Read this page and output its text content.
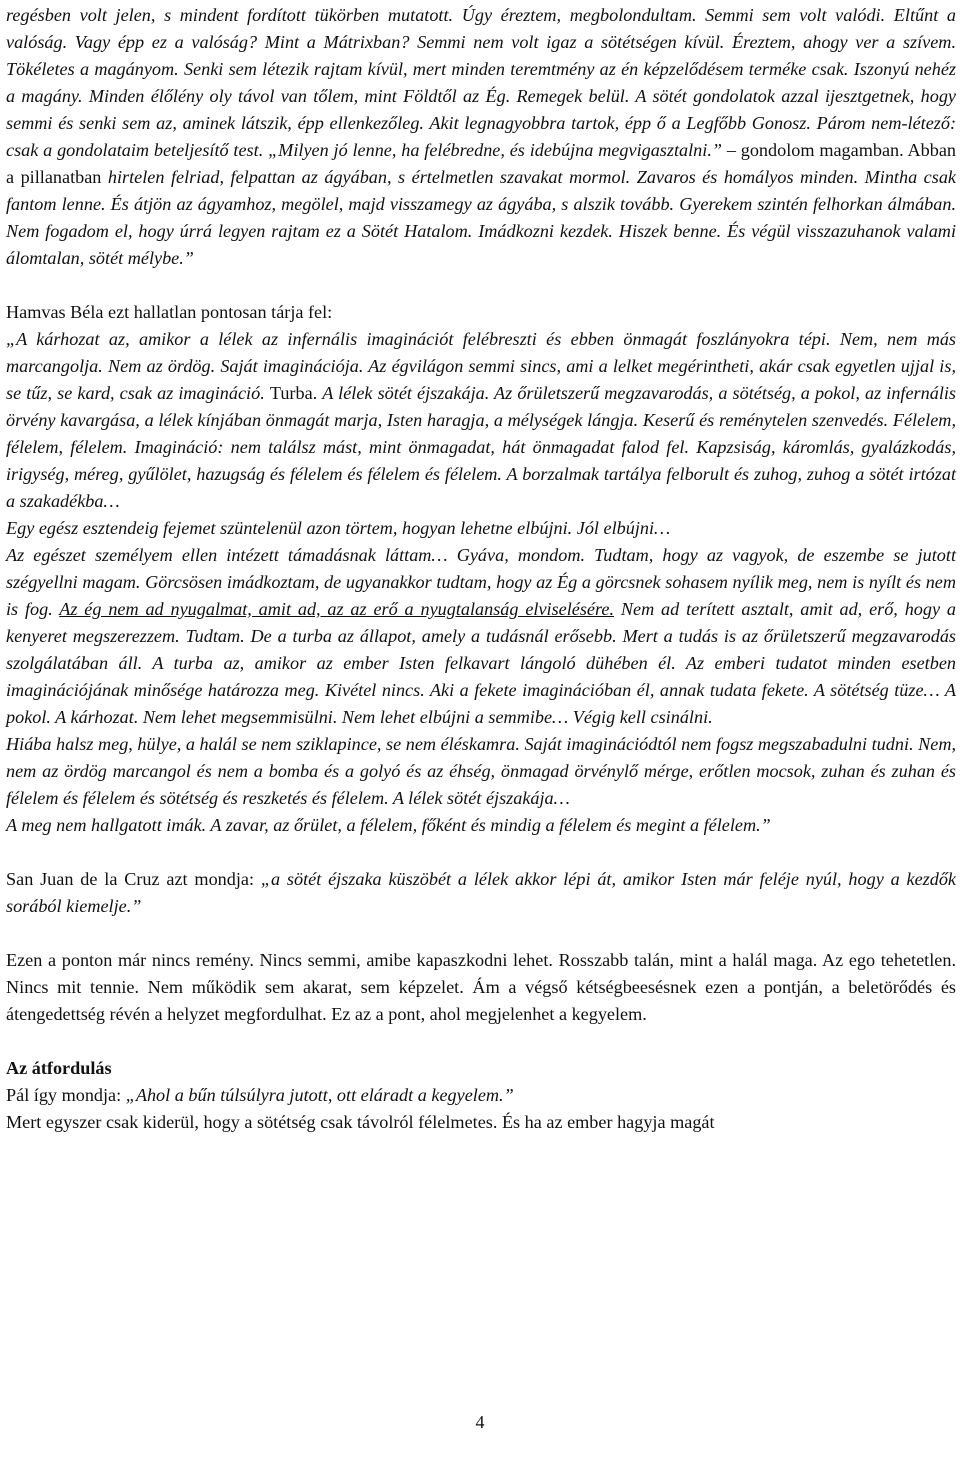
regésben volt jelen, s mindent fordított tükörben mutatott. Úgy éreztem, megbolondultam. Semmi sem volt valódi. Eltűnt a valóság. Vagy épp ez a valóság? Mint a Mátrixban? Semmi nem volt igaz a sötétségen kívül. Éreztem, ahogy ver a szívem. Tökéletes a magányom. Senki sem létezik rajtam kívül, mert minden teremtmény az én képzelődésem terméke csak. Iszonyú nehéz a magány. Minden élőlény oly távol van tőlem, mint Földtől az Ég. Remegek belül. A sötét gondolatok azzal ijesztgetnek, hogy semmi és senki sem az, aminek látszik, épp ellenkezőleg. Akit legnagyobbra tartok, épp ő a Legfőbb Gonosz. Párom nem-létező: csak a gondolataim beteljesítő test. „Milyen jó lenne, ha felébredne, és idebújna megvigasztalni.” – gondolom magamban. Abban a pillanatban hirtelen felriad, felpattan az ágyában, s értelmetlen szavakat mormol. Zavaros és homályos minden. Mintha csak fantom lenne. És átjön az ágyamhoz, megölel, majd visszamegy az ágyába, s alszik tovább. Gyerekem szintén felhorkan álmában. Nem fogadom el, hogy úrrá legyen rajtam ez a Sötét Hatalom. Imádkozni kezdek. Hiszek benne. És végül visszazuhanok valami álomtalan, sötét mélybe.”

Hamvas Béla ezt hallatlan pontosan tárja fel:

„A kárhozat az, amikor a lélek az infernális imaginációt felébreszti és ebben önmagát foszlányokra tépi. Nem, nem más marcangolja. Nem az ördög. Saját imaginációja. Az égvilágon semmi sincs, ami a lelket megérintheti, akár csak egyetlen ujjal is, se tűz, se kard, csak az imagináció. Turba. A lélek sötét éjszakája. Az őrületszerű megzavarodás, a sötétség, a pokol, az infernális örvény kavargása, a lélek kínjában önmagát marja, Isten haragja, a mélységek lángja. Keserű és reménytelen szenvedés. Félelem, félelem, félelem. Imagináció: nem találsz mást, mint önmagadat, hát önmagadat falod fel. Kapzsiság, káromlás, gyalázkodás, irigység, méreg, gyűlölet, hazugság és félelem és félelem és félelem. A borzalmak tartálya felborult és zuhog, zuhog a sötét irtózat a szakadékba…

Egy egész esztendeig fejemet szüntelenül azon törtem, hogyan lehetne elbújni. Jól elbújni…

Az egészet személyem ellen intézett támadásnak láttam… Gyáva, mondom. Tudtam, hogy az vagyok, de eszembe se jutott szégyellni magam. Görcsösen imádkoztam, de ugyanakkor tudtam, hogy az Ég a görcsnek sohasem nyílik meg, nem is nyílt és nem is fog. Az ég nem ad nyugalmat, amit ad, az az erő a nyugtalanság elviselésére. Nem ad terített asztalt, amit ad, erő, hogy a kenyeret megszerezzem. Tudtam. De a turba az állapot, amely a tudásnál erősebb. Mert a tudás is az őrületszerű megzavarodás szolgálatában áll. A turba az, amikor az ember Isten felkavart lángoló dühében él. Az emberi tudatot minden esetben imaginációjának minősége határozza meg. Kivétel nincs. Aki a fekete imaginációban él, annak tudata fekete. A sötétség tüze… A pokol. A kárhozat. Nem lehet megsemmisülni. Nem lehet elbújni a semmibe… Végig kell csinálni.

Hiába halsz meg, hülye, a halál se nem sziklapince, se nem éléskamra. Saját imaginációdtól nem fogsz megszabadulni tudni. Nem, nem az ördög marcangol és nem a bomba és a golyó és az éhség, önmagad örvénylő mérge, erőtlen mocsok, zuhan és zuhan és félelem és félelem és sötétség és reszketés és félelem. A lélek sötét éjszakája…

A meg nem hallgatott imák. A zavar, az őrület, a félelem, főként és mindig a félelem és megint a félelem.”

San Juan de la Cruz azt mondja: „a sötét éjszaka küszöbét a lélek akkor lépi át, amikor Isten már feléje nyúl, hogy a kezdők sorából kiemelje.”

Ezen a ponton már nincs remény. Nincs semmi, amibe kapaszkodni lehet. Rosszabb talán, mint a halál maga. Az ego tehetetlen. Nincs mit tennie. Nem működik sem akarat, sem képzelet. Ám a végső kétségbeesésnek ezen a pontján, a beletörődés és átengedettség révén a helyzet megfordulhat. Ez az a pont, ahol megjelenhet a kegyelem.

Az átfordulás

Pál így mondja: „Ahol a bűn túlsúlyra jutott, ott eláradt a kegyelem.”

Mert egyszer csak kiderül, hogy a sötétség csak távolról félelmetes. És ha az ember hagyja magát

4
